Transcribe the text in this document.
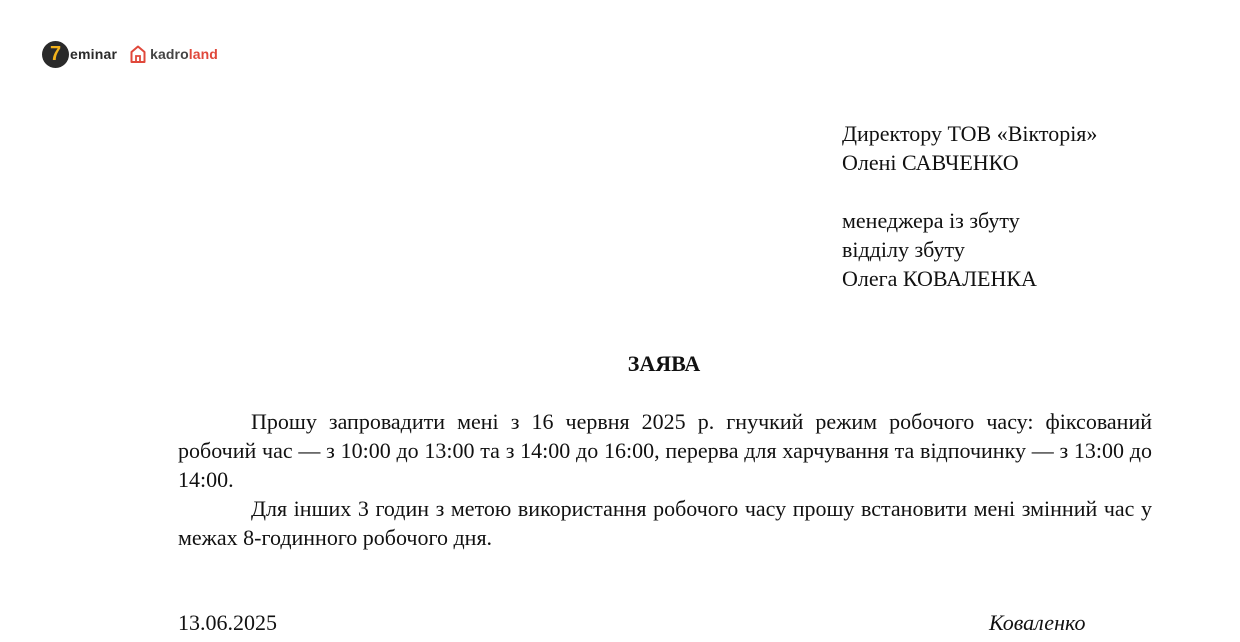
7 eminar kadroland
Директору ТОВ «Вікторія»
Олені САВЧЕНКО
менеджера із збуту
відділу збуту
Олега КОВАЛЕНКА
ЗАЯВА

Прошу запровадити мені з 16 червня 2025 р. гнучкий режим робочого часу: фіксований робочий час — з 10:00 до 13:00 та з 14:00 до 16:00, перерва для харчування та відпочинку — з 13:00 до 14:00.

Для інших 3 годин з метою використання робочого часу прошу встановити мені змінний час у межах 8-годинного робочого дня.

13.06.2025	Коваленко
